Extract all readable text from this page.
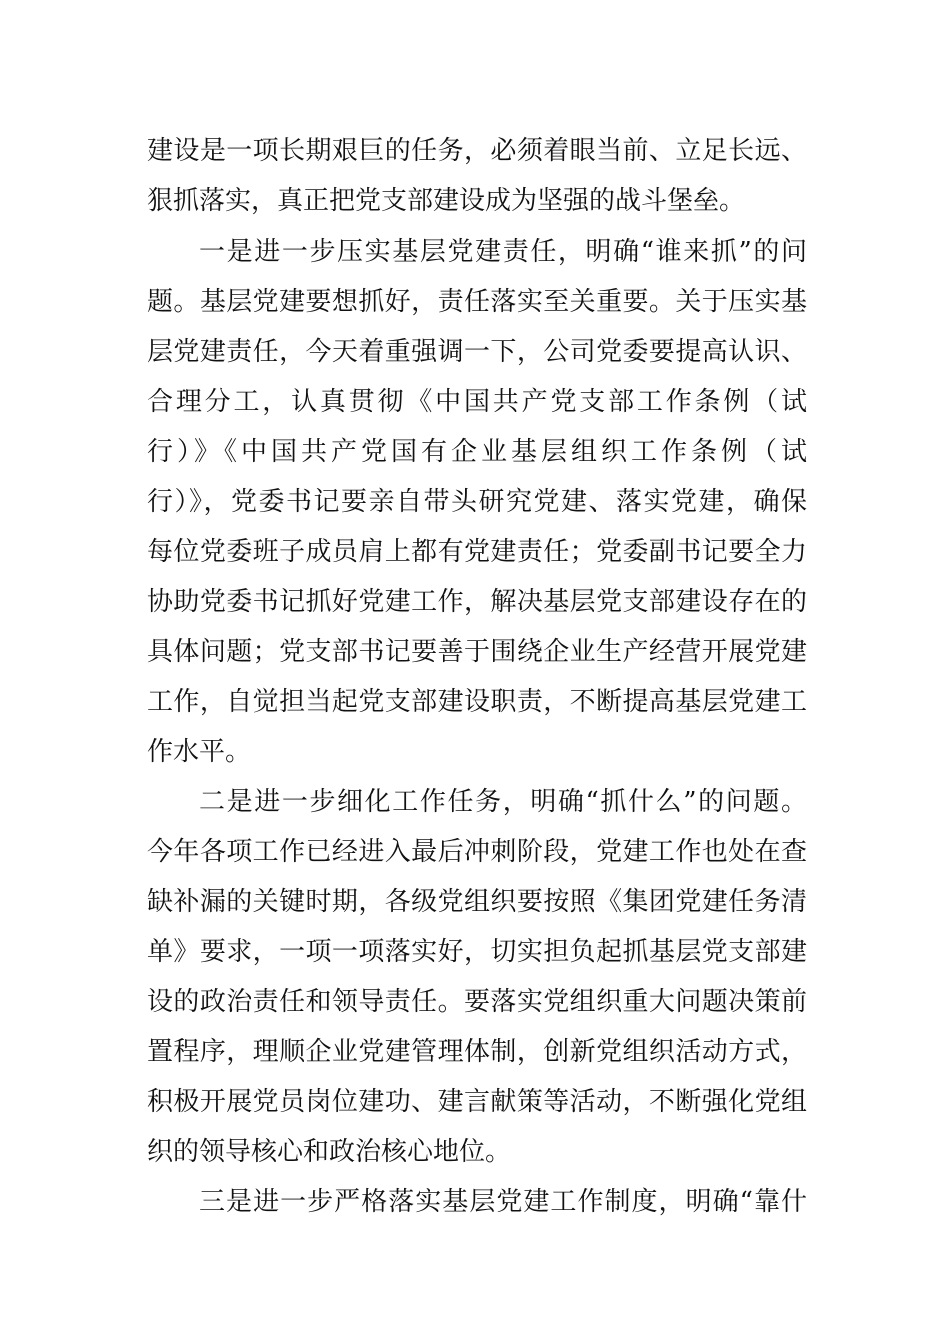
建设是一项长期艰巨的任务，必须着眼当前、立足长远、
狠抓落实，真正把党支部建设成为坚强的战斗堡垒。
一是进一步压实基层党建责任，明确“谁来抓”的问
题。基层党建要想抓好，责任落实至关重要。关于压实基
层党建责任，今天着重强调一下，公司党委要提高认识、
合理分工，认真贯彻《中国共产党支部工作条例（试
行）》《中国共产党国有企业基层组织工作条例（试
行）》，党委书记要亲自带头研究党建、落实党建，确保
每位党委班子成员肩上都有党建责任；党委副书记要全力
协助党委书记抓好党建工作，解决基层党支部建设存在的
具体问题；党支部书记要善于围绕企业生产经营开展党建
工作，自觉担当起党支部建设职责，不断提高基层党建工
作水平。
二是进一步细化工作任务，明确“抓什么”的问题。
今年各项工作已经进入最后冲刺阶段，党建工作也处在查
缺补漏的关键时期，各级党组织要按照《集团党建任务清
单》要求，一项一项落实好，切实担负起抓基层党支部建
设的政治责任和领导责任。要落实党组织重大问题决策前
置程序，理顺企业党建管理体制，创新党组织活动方式，
积极开展党员岗位建功、建言献策等活动，不断强化党组
织的领导核心和政治核心地位。
三是进一步严格落实基层党建工作制度，明确“靠什
